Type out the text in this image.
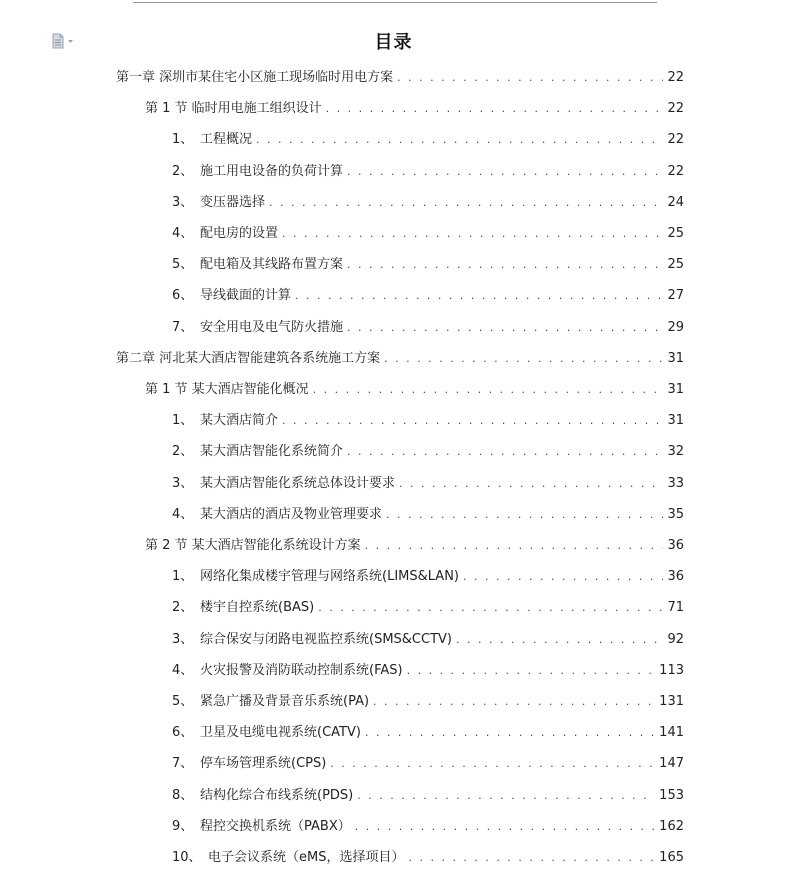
目录
第一章 深圳市某住宅小区施工现场临时用电方案 . . .	22
第 1 节 临时用电施工组织设计 . . .	22
1、 工程概况 . . .	22
2、 施工用电设备的负荷计算 . . .	22
3、 变压器选择 . . .	24
4、 配电房的设置 . . .	25
5、 配电箱及其线路布置方案 . . .	25
6、 导线截面的计算 . . .	27
7、 安全用电及电气防火措施 . . .	29
第二章 河北某大酒店智能建筑各系统施工方案 . . .	31
第 1 节 某大酒店智能化概况 . . .	31
1、 某大酒店简介 . . .	31
2、 某大酒店智能化系统简介 . . .	32
3、 某大酒店智能化系统总体设计要求 . . .	33
4、 某大酒店的酒店及物业管理要求 . . .	35
第 2 节 某大酒店智能化系统设计方案 . . .	36
1、 网络化集成楼宇管理与网络系统(LIMS&LAN) . . .	36
2、 楼宇自控系统(BAS) . . .	71
3、 综合保安与闭路电视监控系统(SMS&CCTV) . . .	92
4、 火灾报警及消防联动控制系统(FAS) . . .	113
5、 紧急广播及背景音乐系统(PA) . . .	131
6、 卫星及电缆电视系统(CATV) . . .	141
7、 停车场管理系统(CPS) . . .	147
8、 结构化综合布线系统(PDS) . . .	153
9、 程控交换机系统（PABX） . . .	162
10、 电子会议系统（eMS，选择项目） . . .	165
